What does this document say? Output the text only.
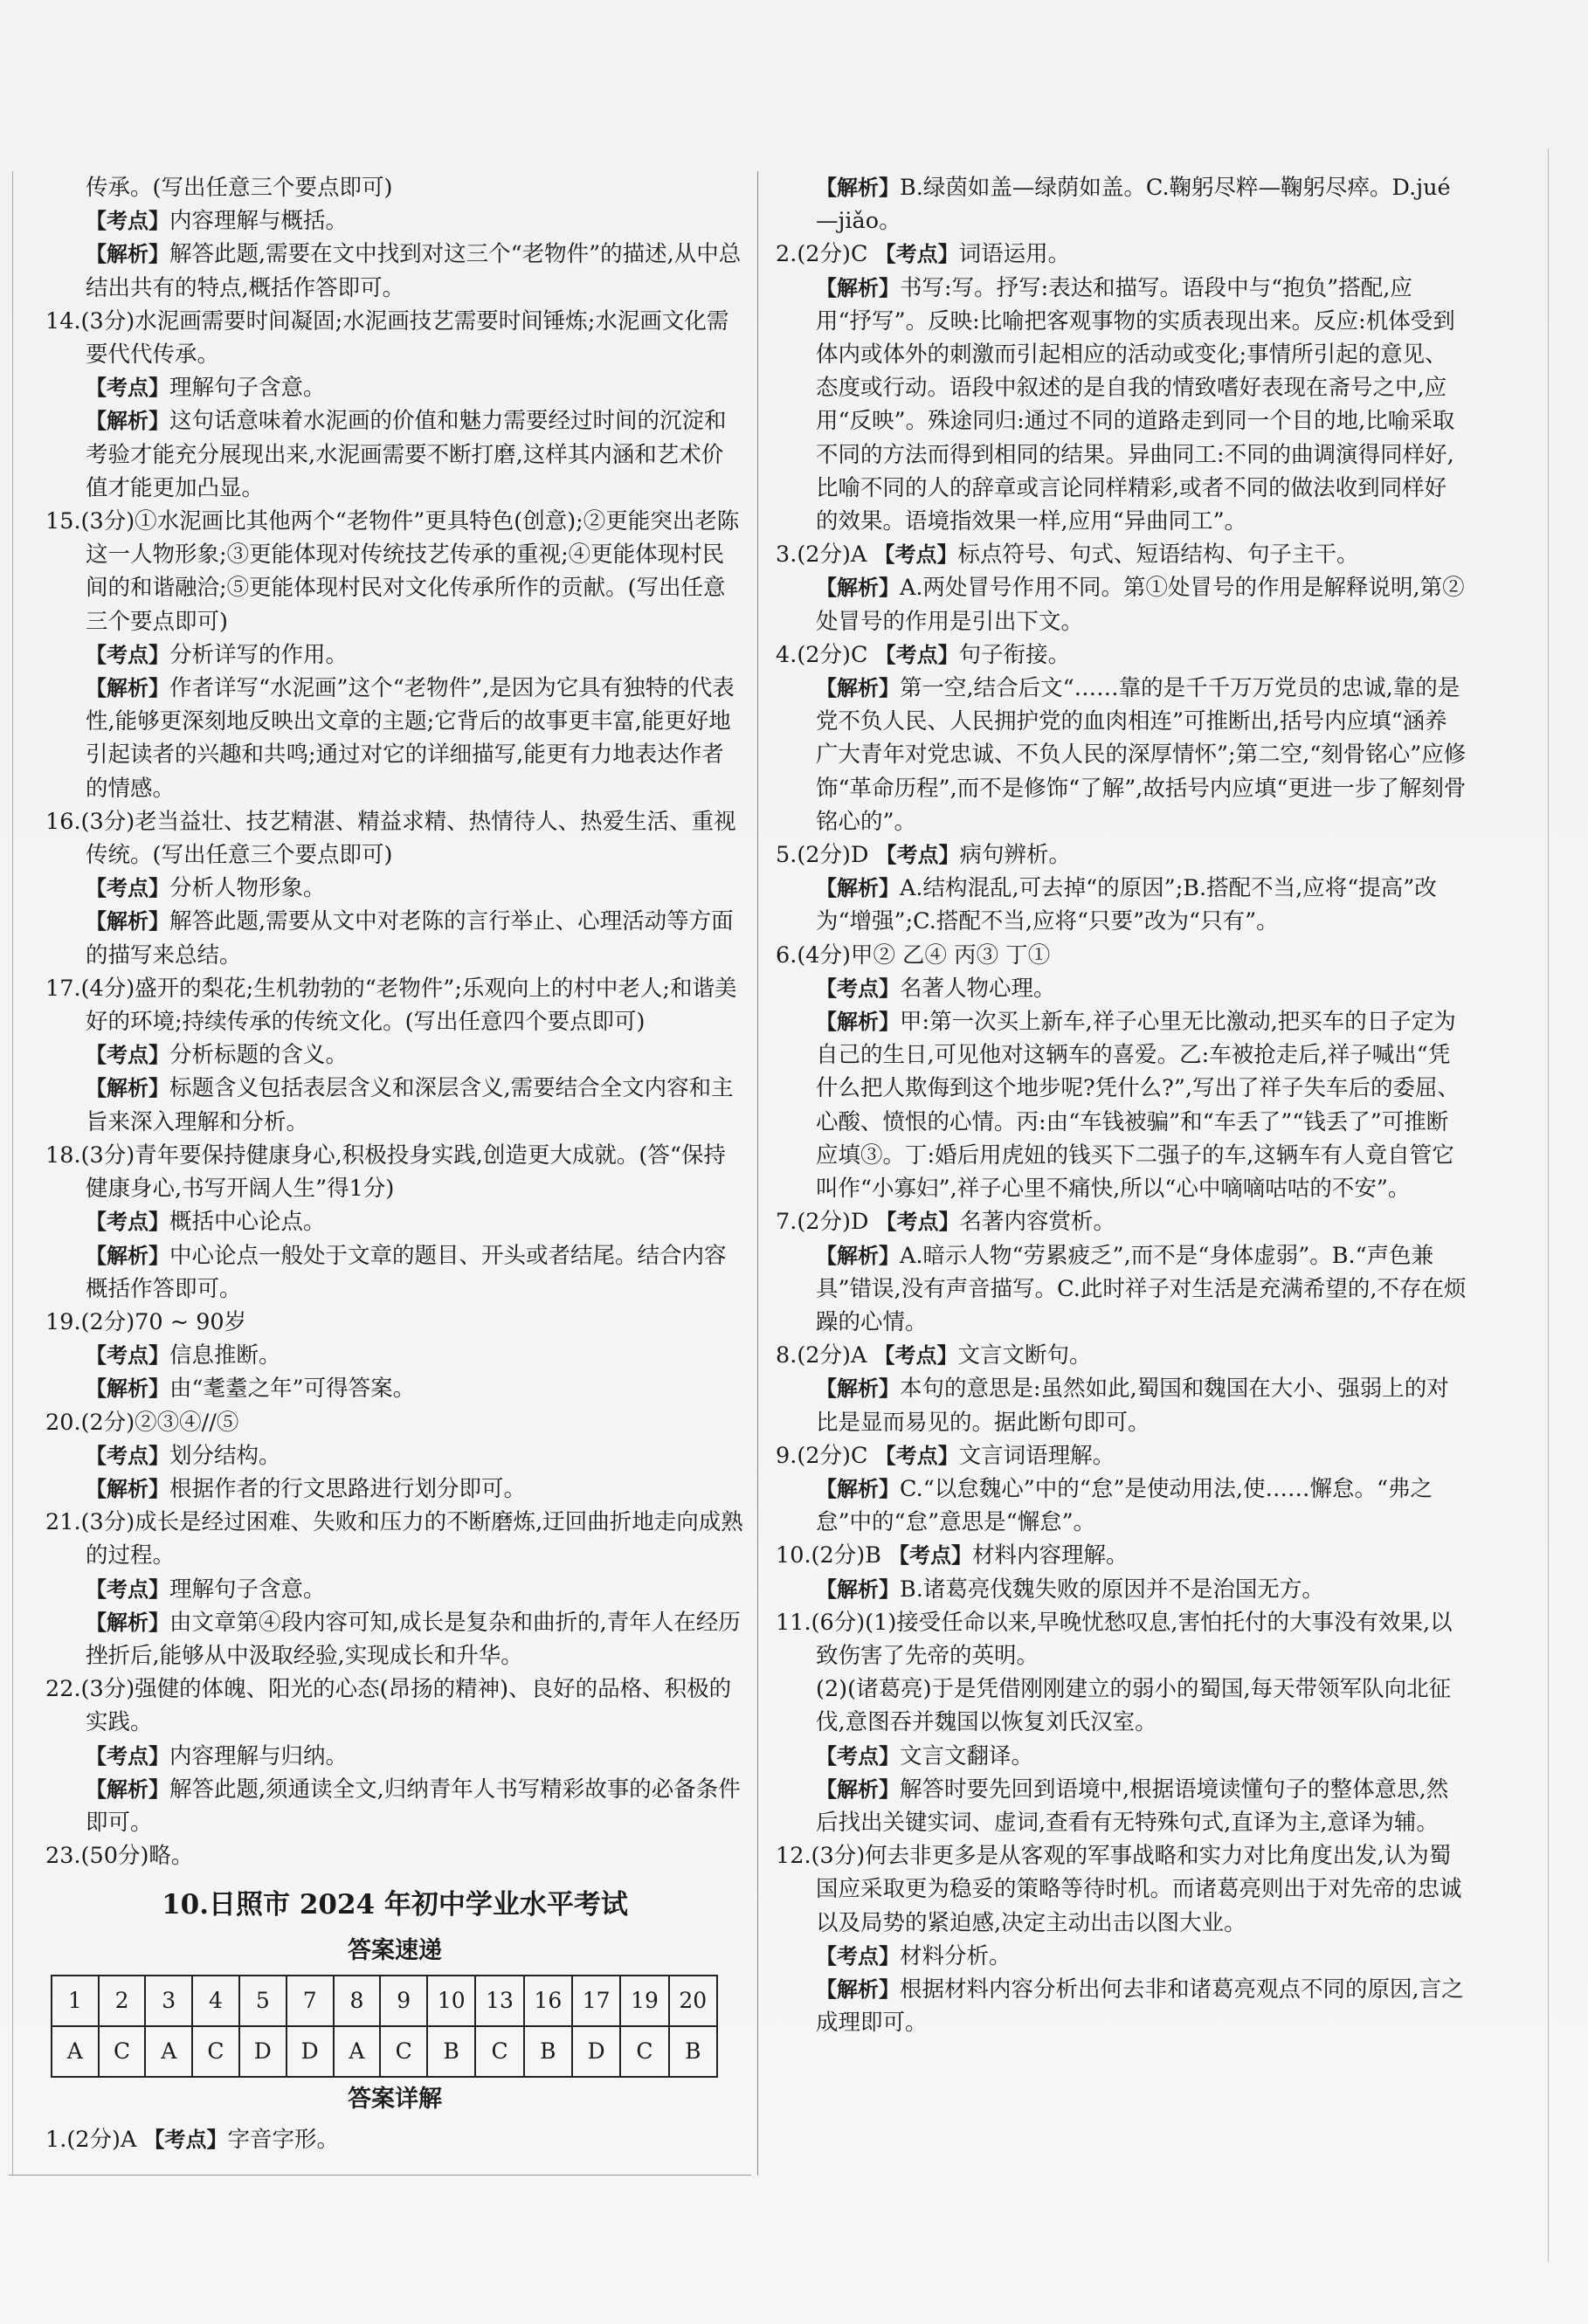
传承。(写出任意三个要点即可)

【考点】内容理解与概括。

【解析】解答此题,需要在文中找到对这三个“老物件”的描述,从中总结出共有的特点,概括作答即可。

14.(3分)水泥画需要时间凝固;水泥画技艺需要时间锤炼;水泥画文化需要代代传承。

【考点】理解句子含意。

【解析】这句话意味着水泥画的价值和魅力需要经过时间的沉淀和考验才能充分展现出来,水泥画需要不断打磨,这样其内涵和艺术价值才能更加凸显。

15.(3分)①水泥画比其他两个“老物件”更具特色(创意);②更能突出老陈这一人物形象;③更能体现对传统技艺传承的重视;④更能体现村民间的和谐融洽;⑤更能体现村民对文化传承所作的贡献。(写出任意三个要点即可)

【考点】分析详写的作用。

【解析】作者详写“水泥画”这个“老物件”,是因为它具有独特的代表性,能够更深刻地反映出文章的主题;它背后的故事更丰富,能更好地引起读者的兴趣和共鸣;通过对它的详细描写,能更有力地表达作者的情感。

16.(3分)老当益壮、技艺精湛、精益求精、热情待人、热爱生活、重视传统。(写出任意三个要点即可)

【考点】分析人物形象。

【解析】解答此题,需要从文中对老陈的言行举止、心理活动等方面的描写来总结。

17.(4分)盛开的梨花;生机勃勃的“老物件”;乐观向上的村中老人;和谐美好的环境;持续传承的传统文化。(写出任意四个要点即可)

【考点】分析标题的含义。

【解析】标题含义包括表层含义和深层含义,需要结合全文内容和主旨来深入理解和分析。

18.(3分)青年要保持健康身心,积极投身实践,创造更大成就。(答“保持健康身心,书写开阔人生”得1分)

【考点】概括中心论点。

【解析】中心论点一般处于文章的题目、开头或者结尾。结合内容概括作答即可。

19.(2分)70 ~ 90岁

【考点】信息推断。

【解析】由“耄耋之年”可得答案。

20.(2分)②③④//⑤

【考点】划分结构。

【解析】根据作者的行文思路进行划分即可。

21.(3分)成长是经过困难、失败和压力的不断磨炼,迂回曲折地走向成熟的过程。

【考点】理解句子含意。

【解析】由文章第④段内容可知,成长是复杂和曲折的,青年人在经历挫折后,能够从中汲取经验,实现成长和升华。

22.(3分)强健的体魄、阳光的心态(昂扬的精神)、良好的品格、积极的实践。

【考点】内容理解与归纳。

【解析】解答此题,须通读全文,归纳青年人书写精彩故事的必备条件即可。

23.(50分)略。

10.日照市 2024 年初中学业水平考试
答案速递
1	2	3	4	5	7	8	9	10	13	16	17	19	20
A	C	A	C	D	D	A	C	B	C	B	D	C	B
答案详解

1.(2分)A 【考点】字音字形。

【解析】B.绿茵如盖—绿荫如盖。C.鞠躬尽粹—鞠躬尽瘁。D.jué—jiǎo。

2.(2分)C 【考点】词语运用。

【解析】书写:写。抒写:表达和描写。语段中与“抱负”搭配,应用“抒写”。反映:比喻把客观事物的实质表现出来。反应:机体受到体内或体外的刺激而引起相应的活动或变化;事情所引起的意见、态度或行动。语段中叙述的是自我的情致嗜好表现在斋号之中,应用“反映”。殊途同归:通过不同的道路走到同一个目的地,比喻采取不同的方法而得到相同的结果。异曲同工:不同的曲调演得同样好,比喻不同的人的辞章或言论同样精彩,或者不同的做法收到同样好的效果。语境指效果一样,应用“异曲同工”。

3.(2分)A 【考点】标点符号、句式、短语结构、句子主干。

【解析】A.两处冒号作用不同。第①处冒号的作用是解释说明,第②处冒号的作用是引出下文。

4.(2分)C 【考点】句子衔接。

【解析】第一空,结合后文“……靠的是千千万万党员的忠诚,靠的是党不负人民、人民拥护党的血肉相连”可推断出,括号内应填“涵养广大青年对党忠诚、不负人民的深厚情怀”;第二空,“刻骨铭心”应修饰“革命历程”,而不是修饰“了解”,故括号内应填“更进一步了解刻骨铭心的”。

5.(2分)D 【考点】病句辨析。

【解析】A.结构混乱,可去掉“的原因”;B.搭配不当,应将“提高”改为“增强”;C.搭配不当,应将“只要”改为“只有”。

6.(4分)甲② 乙④ 丙③ 丁①

【考点】名著人物心理。

【解析】甲:第一次买上新车,祥子心里无比激动,把买车的日子定为自己的生日,可见他对这辆车的喜爱。乙:车被抢走后,祥子喊出“凭什么把人欺侮到这个地步呢?凭什么?”,写出了祥子失车后的委屈、心酸、愤恨的心情。丙:由“车钱被骗”和“车丢了”“钱丢了”可推断应填③。丁:婚后用虎妞的钱买下二强子的车,这辆车有人竟自管它叫作“小寡妇”,祥子心里不痛快,所以“心中嘀嘀咕咕的不安”。

7.(2分)D 【考点】名著内容赏析。

【解析】A.暗示人物“劳累疲乏”,而不是“身体虚弱”。B.“声色兼具”错误,没有声音描写。C.此时祥子对生活是充满希望的,不存在烦躁的心情。

8.(2分)A 【考点】文言文断句。

【解析】本句的意思是:虽然如此,蜀国和魏国在大小、强弱上的对比是显而易见的。据此断句即可。

9.(2分)C 【考点】文言词语理解。

【解析】C.“以怠魏心”中的“怠”是使动用法,使……懈怠。“弗之怠”中的“怠”意思是“懈怠”。

10.(2分)B 【考点】材料内容理解。

【解析】B.诸葛亮伐魏失败的原因并不是治国无方。

11.(6分)(1)接受任命以来,早晚忧愁叹息,害怕托付的大事没有效果,以致伤害了先帝的英明。

(2)(诸葛亮)于是凭借刚刚建立的弱小的蜀国,每天带领军队向北征伐,意图吞并魏国以恢复刘氏汉室。

【考点】文言文翻译。

【解析】解答时要先回到语境中,根据语境读懂句子的整体意思,然后找出关键实词、虚词,查看有无特殊句式,直译为主,意译为辅。

12.(3分)何去非更多是从客观的军事战略和实力对比角度出发,认为蜀国应采取更为稳妥的策略等待时机。而诸葛亮则出于对先帝的忠诚以及局势的紧迫感,决定主动出击以图大业。

【考点】材料分析。

【解析】根据材料内容分析出何去非和诸葛亮观点不同的原因,言之成理即可。
